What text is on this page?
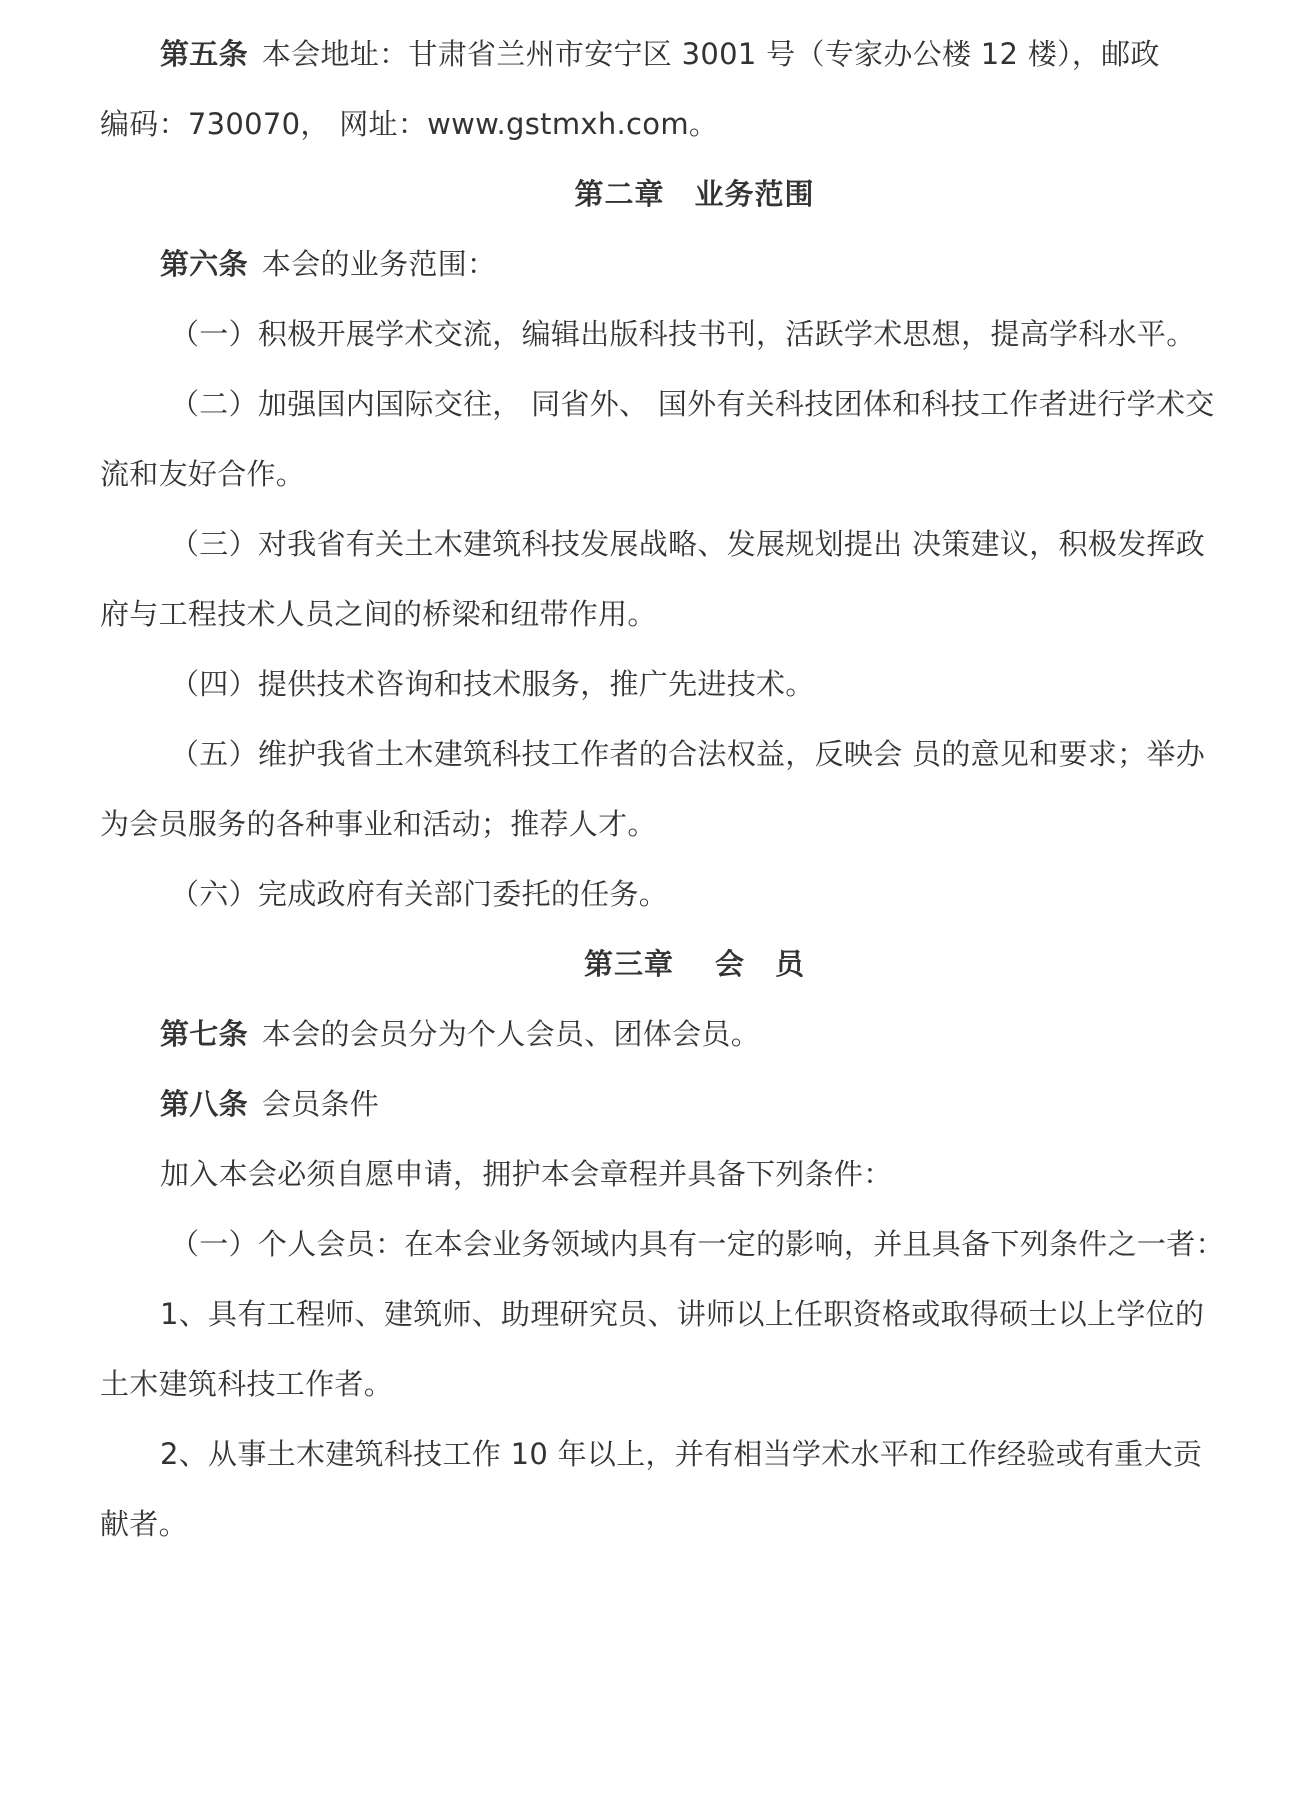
第五条 本会地址：甘肃省兰州市安宁区 3001 号（专家办公楼 12 楼），邮政
编码：730070， 网址：www.gstmxh.com。
第二章　业务范围
第六条 本会的业务范围：
（一）积极开展学术交流，编辑出版科技书刊，活跃学术思想，提高学科水平。
（二）加强国内国际交往， 同省外、 国外有关科技团体和科技工作者进行学术交
流和友好合作。
（三）对我省有关土木建筑科技发展战略、发展规划提出 决策建议，积极发挥政
府与工程技术人员之间的桥梁和纽带作用。
（四）提供技术咨询和技术服务，推广先进技术。
（五）维护我省土木建筑科技工作者的合法权益，反映会 员的意见和要求；举办
为会员服务的各种事业和活动；推荐人才。
（六）完成政府有关部门委托的任务。
第三章　 会　员
第七条 本会的会员分为个人会员、团体会员。
第八条 会员条件
加入本会必须自愿申请，拥护本会章程并具备下列条件：
（一）个人会员：在本会业务领域内具有一定的影响，并且具备下列条件之一者：
1、具有工程师、建筑师、助理研究员、讲师以上任职资格或取得硕士以上学位的
土木建筑科技工作者。
2、从事土木建筑科技工作 10 年以上，并有相当学术水平和工作经验或有重大贡
献者。
